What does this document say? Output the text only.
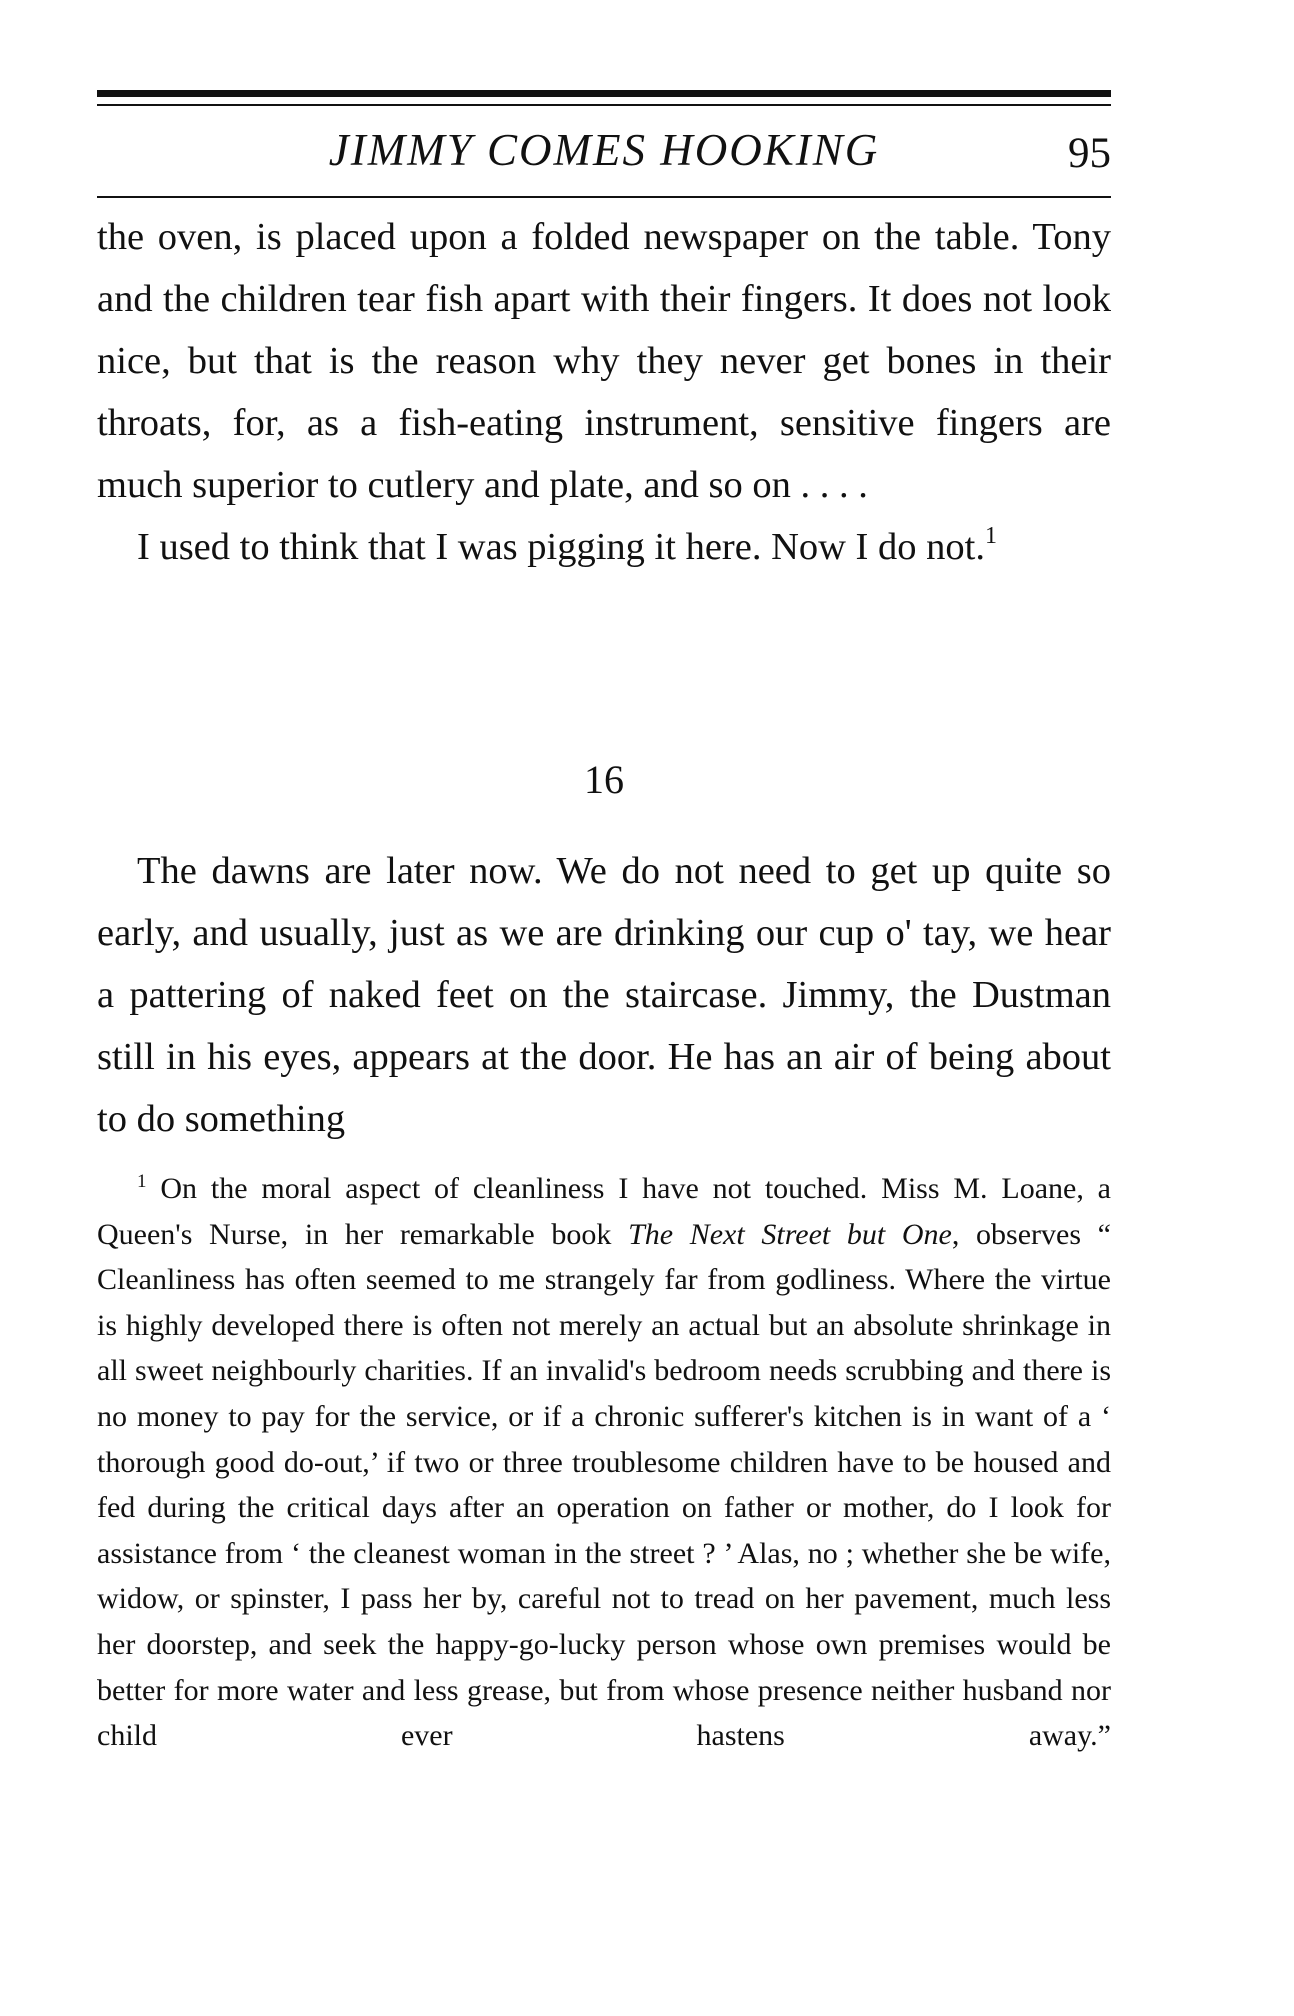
JIMMY COMES HOOKING	95

the oven, is placed upon a folded newspaper on the table. Tony and the children tear fish apart with their fingers. It does not look nice, but that is the reason why they never get bones in their throats, for, as a fish-eating instrument, sensitive fingers are much superior to cutlery and plate, and so on . . . .

I used to think that I was pigging it here. Now I do not.$^1$

16

The dawns are later now. We do not need to get up quite so early, and usually, just as we are drinking our cup o' tay, we hear a pattering of naked feet on the staircase. Jimmy, the Dustman still in his eyes, appears at the door. He has an air of being about to do something

$^1$ On the moral aspect of cleanliness I have not touched. Miss M. Loane, a Queen's Nurse, in her remarkable book The Next Street but One, observes “ Cleanliness has often seemed to me strangely far from godliness. Where the virtue is highly developed there is often not merely an actual but an absolute shrinkage in all sweet neighbourly charities. If an invalid's bedroom needs scrubbing and there is no money to pay for the service, or if a chronic sufferer's kitchen is in want of a ‘ thorough good do-out,’ if two or three troublesome children have to be housed and fed during the critical days after an operation on father or mother, do I look for assistance from ‘ the cleanest woman in the street ? ’ Alas, no ; whether she be wife, widow, or spinster, I pass her by, careful not to tread on her pavement, much less her doorstep, and seek the happy-go-lucky person whose own premises would be better for more water and less grease, but from whose presence neither husband nor child ever hastens away.”
